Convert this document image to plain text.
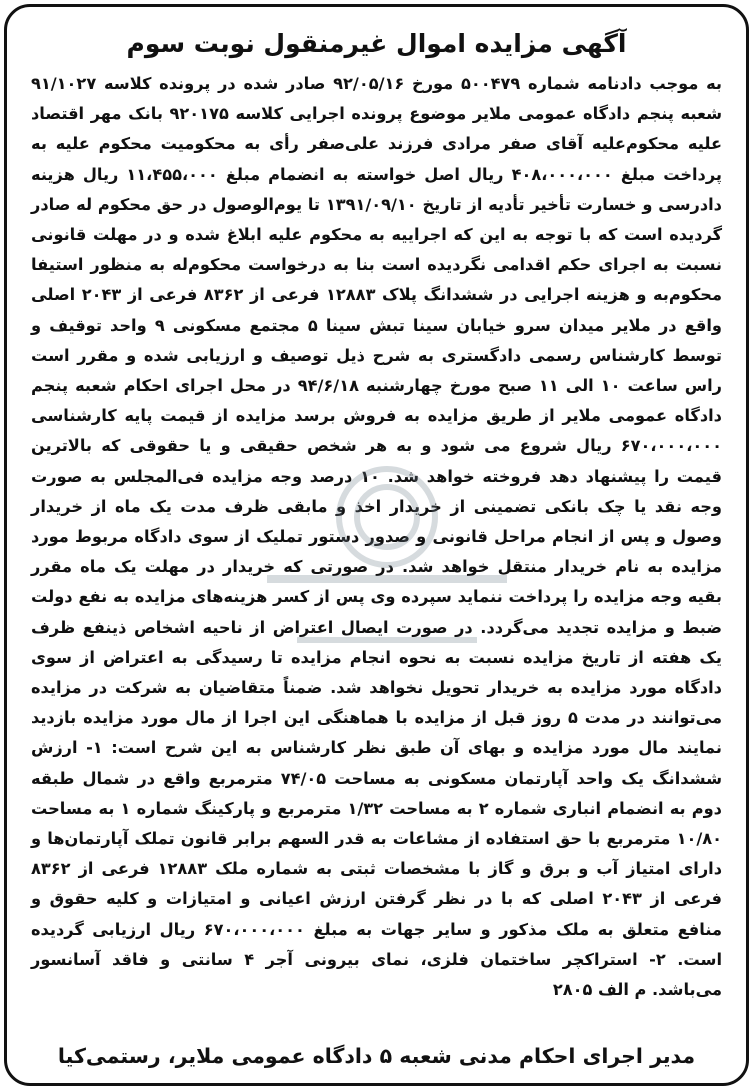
آگهی مزایده اموال غیرمنقول نوبت سوم
به موجب دادنامه شماره ۵۰۰۴۷۹ مورخ ۹۲/۰۵/۱۶ صادر شده در پرونده کلاسه ۹۱/۱۰۲۷ شعبه پنجم دادگاه عمومی ملایر موضوع پرونده اجرایی کلاسه ۹۲۰۱۷۵ بانک مهر اقتصاد علیه محکوم‌علیه آقای صفر مرادی فرزند علی‌صفر رأی به محکومیت محکوم علیه به پرداخت مبلغ ۴۰۸،۰۰۰،۰۰۰ ریال اصل خواسته به انضمام مبلغ ۱۱،۴۵۵،۰۰۰ ریال هزینه دادرسی و خسارت تأخیر تأدیه از تاریخ ۱۳۹۱/۰۹/۱۰ تا یوم‌الوصول در حق محکوم له صادر گردیده است که با توجه به این که اجراییه به محکوم علیه ابلاغ شده و در مهلت قانونی نسبت به اجرای حکم اقدامی نگردیده است بنا به درخواست محکوم‌له به منظور استیفا محکوم‌به و هزینه اجرایی در ششدانگ پلاک ۱۲۸۸۳ فرعی از ۸۳۶۲ فرعی از ۲۰۴۳ اصلی واقع در ملایر میدان سرو خیابان سینا تبش سینا ۵ مجتمع مسکونی ۹ واحد توقیف و توسط کارشناس رسمی دادگستری به شرح ذیل توصیف و ارزیابی شده و مقرر است راس ساعت ۱۰ الی ۱۱ صبح مورخ چهارشنبه ۹۴/۶/۱۸ در محل اجرای احکام شعبه پنجم دادگاه عمومی ملایر از طریق مزایده به فروش برسد مزایده از قیمت پایه کارشناسی ۶۷۰،۰۰۰،۰۰۰ ریال شروع می شود و به هر شخص حقیقی و یا حقوقی که بالاترین قیمت را پیشنهاد دهد فروخته خواهد شد. ۱۰ درصد وجه مزایده فی‌المجلس به صورت وجه نقد یا چک بانکی تضمینی از خریدار اخذ و مابقی ظرف مدت یک ماه از خریدار وصول و پس از انجام مراحل قانونی و صدور دستور تملیک از سوی دادگاه مربوط مورد مزایده به نام خریدار منتقل خواهد شد. در صورتی که خریدار در مهلت یک ماه مقرر بقیه وجه مزایده را پرداخت ننماید سپرده وی پس از کسر هزینه‌های مزایده به نفع دولت ضبط و مزایده تجدید می‌گردد. در صورت ایصال اعتراض از ناحیه اشخاص ذینفع ظرف یک هفته از تاریخ مزایده نسبت به نحوه انجام مزایده تا رسیدگی به اعتراض از سوی دادگاه مورد مزایده به خریدار تحویل نخواهد شد. ضمناً متقاضیان به شرکت در مزایده می‌توانند در مدت ۵ روز قبل از مزایده با هماهنگی این اجرا از مال مورد مزایده بازدید نمایند مال مورد مزایده و بهای آن طبق نظر کارشناس به این شرح است: ۱- ارزش ششدانگ یک واحد آپارتمان مسکونی به مساحت ۷۴/۰۵ مترمربع واقع در شمال طبقه دوم به انضمام انباری شماره ۲ به مساحت ۱/۳۲ مترمربع و پارکینگ شماره ۱ به مساحت ۱۰/۸۰ مترمربع با حق استفاده از مشاعات به قدر السهم برابر قانون تملک آپارتمان‌ها و دارای امتیاز آب و برق و گاز با مشخصات ثبتی به شماره ملک ۱۲۸۸۳ فرعی از ۸۳۶۲ فرعی از ۲۰۴۳ اصلی که با در نظر گرفتن ارزش اعیانی و امتیازات و کلیه حقوق و منافع متعلق به ملک مذکور و سایر جهات به مبلغ ۶۷۰،۰۰۰،۰۰۰ ریال ارزیابی گردیده است. ۲- استراکچر ساختمان فلزی، نمای بیرونی آجر ۴ سانتی و فاقد آسانسور می‌باشد. م الف ۲۸۰۵
مدیر اجرای احکام مدنی شعبه ۵ دادگاه عمومی ملایر، رستمی‌کیا
